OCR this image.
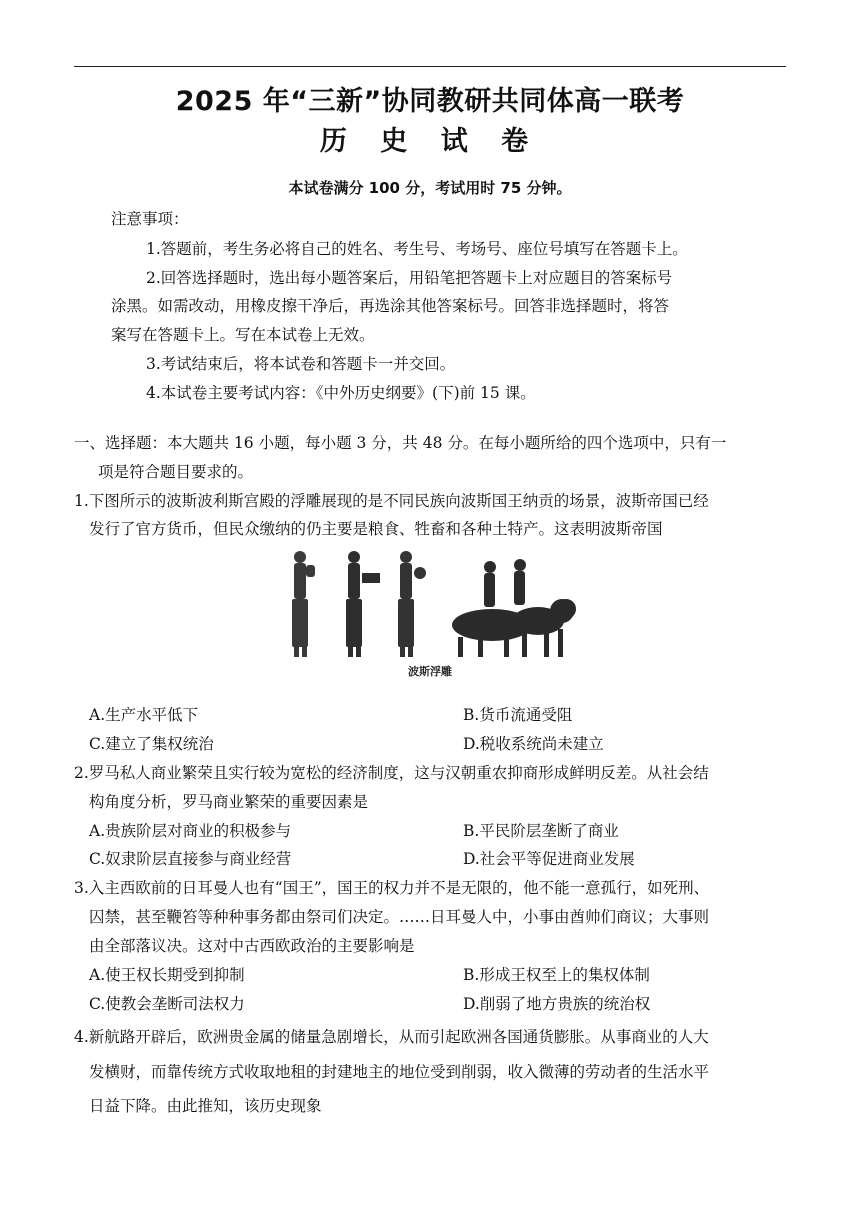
2025 年“三新”协同教研共同体高一联考
历 史 试 卷
本试卷满分 100 分，考试用时 75 分钟。
注意事项：
1.答题前，考生务必将自己的姓名、考生号、考场号、座位号填写在答题卡上。
2.回答选择题时，选出每小题答案后，用铅笔把答题卡上对应题目的答案标号
涂黑。如需改动，用橡皮擦干净后，再选涂其他答案标号。回答非选择题时，将答
案写在答题卡上。写在本试卷上无效。
3.考试结束后，将本试卷和答题卡一并交回。
4.本试卷主要考试内容：《中外历史纲要》(下)前 15 课。
一、选择题：本大题共 16 小题，每小题 3 分，共 48 分。在每小题所给的四个选项中，只有一
项是符合题目要求的。
1.下图所示的波斯波利斯宫殿的浮雕展现的是不同民族向波斯国王纳贡的场景，波斯帝国已经
发行了官方货币，但民众缴纳的仍主要是粮食、牲畜和各种土特产。这表明波斯帝国
波斯浮雕
A.生产水平低下	B.货币流通受阻
C.建立了集权统治	D.税收系统尚未建立
2.罗马私人商业繁荣且实行较为宽松的经济制度，这与汉朝重农抑商形成鲜明反差。从社会结
构角度分析，罗马商业繁荣的重要因素是
A.贵族阶层对商业的积极参与	B.平民阶层垄断了商业
C.奴隶阶层直接参与商业经营	D.社会平等促进商业发展
3.入主西欧前的日耳曼人也有“国王”，国王的权力并不是无限的，他不能一意孤行，如死刑、
囚禁，甚至鞭笞等种种事务都由祭司们决定。……日耳曼人中，小事由酋帅们商议；大事则
由全部落议决。这对中古西欧政治的主要影响是
A.使王权长期受到抑制	B.形成王权至上的集权体制
C.使教会垄断司法权力	D.削弱了地方贵族的统治权
4.新航路开辟后，欧洲贵金属的储量急剧增长，从而引起欧洲各国通货膨胀。从事商业的人大
发横财，而靠传统方式收取地租的封建地主的地位受到削弱，收入微薄的劳动者的生活水平
日益下降。由此推知，该历史现象
